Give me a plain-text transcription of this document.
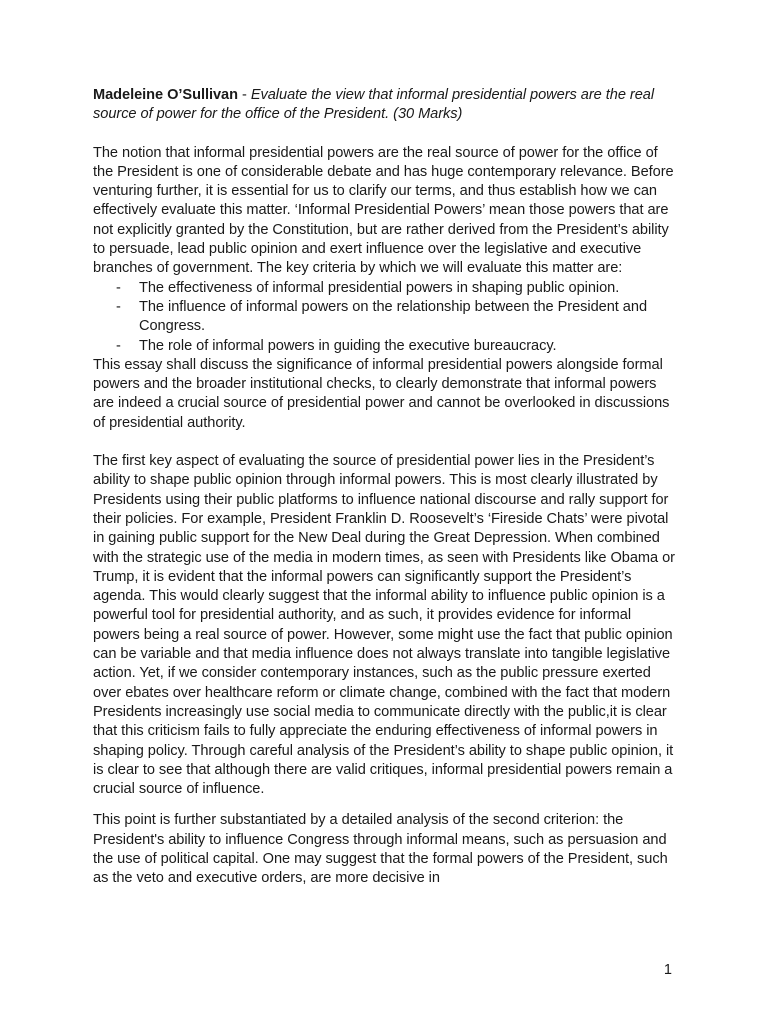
Madeleine O’Sullivan - Evaluate the view that informal presidential powers are the real source of power for the office of the President. (30 Marks)

The notion that informal presidential powers are the real source of power for the office of the President is one of considerable debate and has huge contemporary relevance. Before venturing further, it is essential for us to clarify our terms, and thus establish how we can effectively evaluate this matter. ‘Informal Presidential Powers’ mean those powers that are not explicitly granted by the Constitution, but are rather derived from the President’s ability to persuade, lead public opinion and exert influence over the legislative and executive branches of government. The key criteria by which we will evaluate this matter are:

- The effectiveness of informal presidential powers in shaping public opinion.
- The influence of informal powers on the relationship between the President and Congress.
- The role of informal powers in guiding the executive bureaucracy.

This essay shall discuss the significance of informal presidential powers alongside formal powers and the broader institutional checks, to clearly demonstrate that informal powers are indeed a crucial source of presidential power and cannot be overlooked in discussions of presidential authority.

The first key aspect of evaluating the source of presidential power lies in the President’s ability to shape public opinion through informal powers. This is most clearly illustrated by Presidents using their public platforms to influence national discourse and rally support for their policies. For example, President Franklin D. Roosevelt’s ‘Fireside Chats’ were pivotal in gaining public support for the New Deal during the Great Depression. When combined with the strategic use of the media in modern times, as seen with Presidents like Obama or Trump, it is evident that the informal powers can significantly support the President’s agenda. This would clearly suggest that the informal ability to influence public opinion is a powerful tool for presidential authority, and as such, it provides evidence for informal powers being a real source of power. However, some might use the fact that public opinion can be variable and that media influence does not always translate into tangible legislative action. Yet, if we consider contemporary instances, such as the public pressure exerted over ebates over healthcare reform or climate change, combined with the fact that modern Presidents increasingly use social media to communicate directly with the public,it is clear that this criticism fails to fully appreciate the enduring effectiveness of informal powers in shaping policy. Through careful analysis of the President’s ability to shape public opinion, it is clear to see that although there are valid critiques, informal presidential powers remain a crucial source of influence.

This point is further substantiated by a detailed analysis of the second criterion: the President's ability to influence Congress through informal means, such as persuasion and the use of political capital. One may suggest that the formal powers of the President, such as the veto and executive orders, are more decisive in

1
